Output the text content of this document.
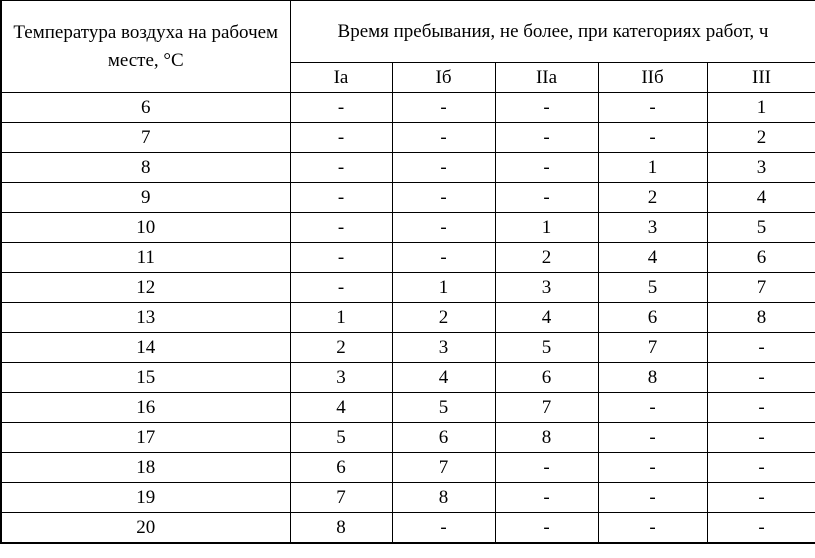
Температура воздуха на рабочем месте, °С	Время пребывания, не более, при категориях работ, ч				
	Iа	Iб	IIа	IIб	III
6	-	-	-	-	1
7	-	-	-	-	2
8	-	-	-	1	3
9	-	-	-	2	4
10	-	-	1	3	5
11	-	-	2	4	6
12	-	1	3	5	7
13	1	2	4	6	8
14	2	3	5	7	-
15	3	4	6	8	-
16	4	5	7	-	-
17	5	6	8	-	-
18	6	7	-	-	-
19	7	8	-	-	-
20	8	-	-	-	-
